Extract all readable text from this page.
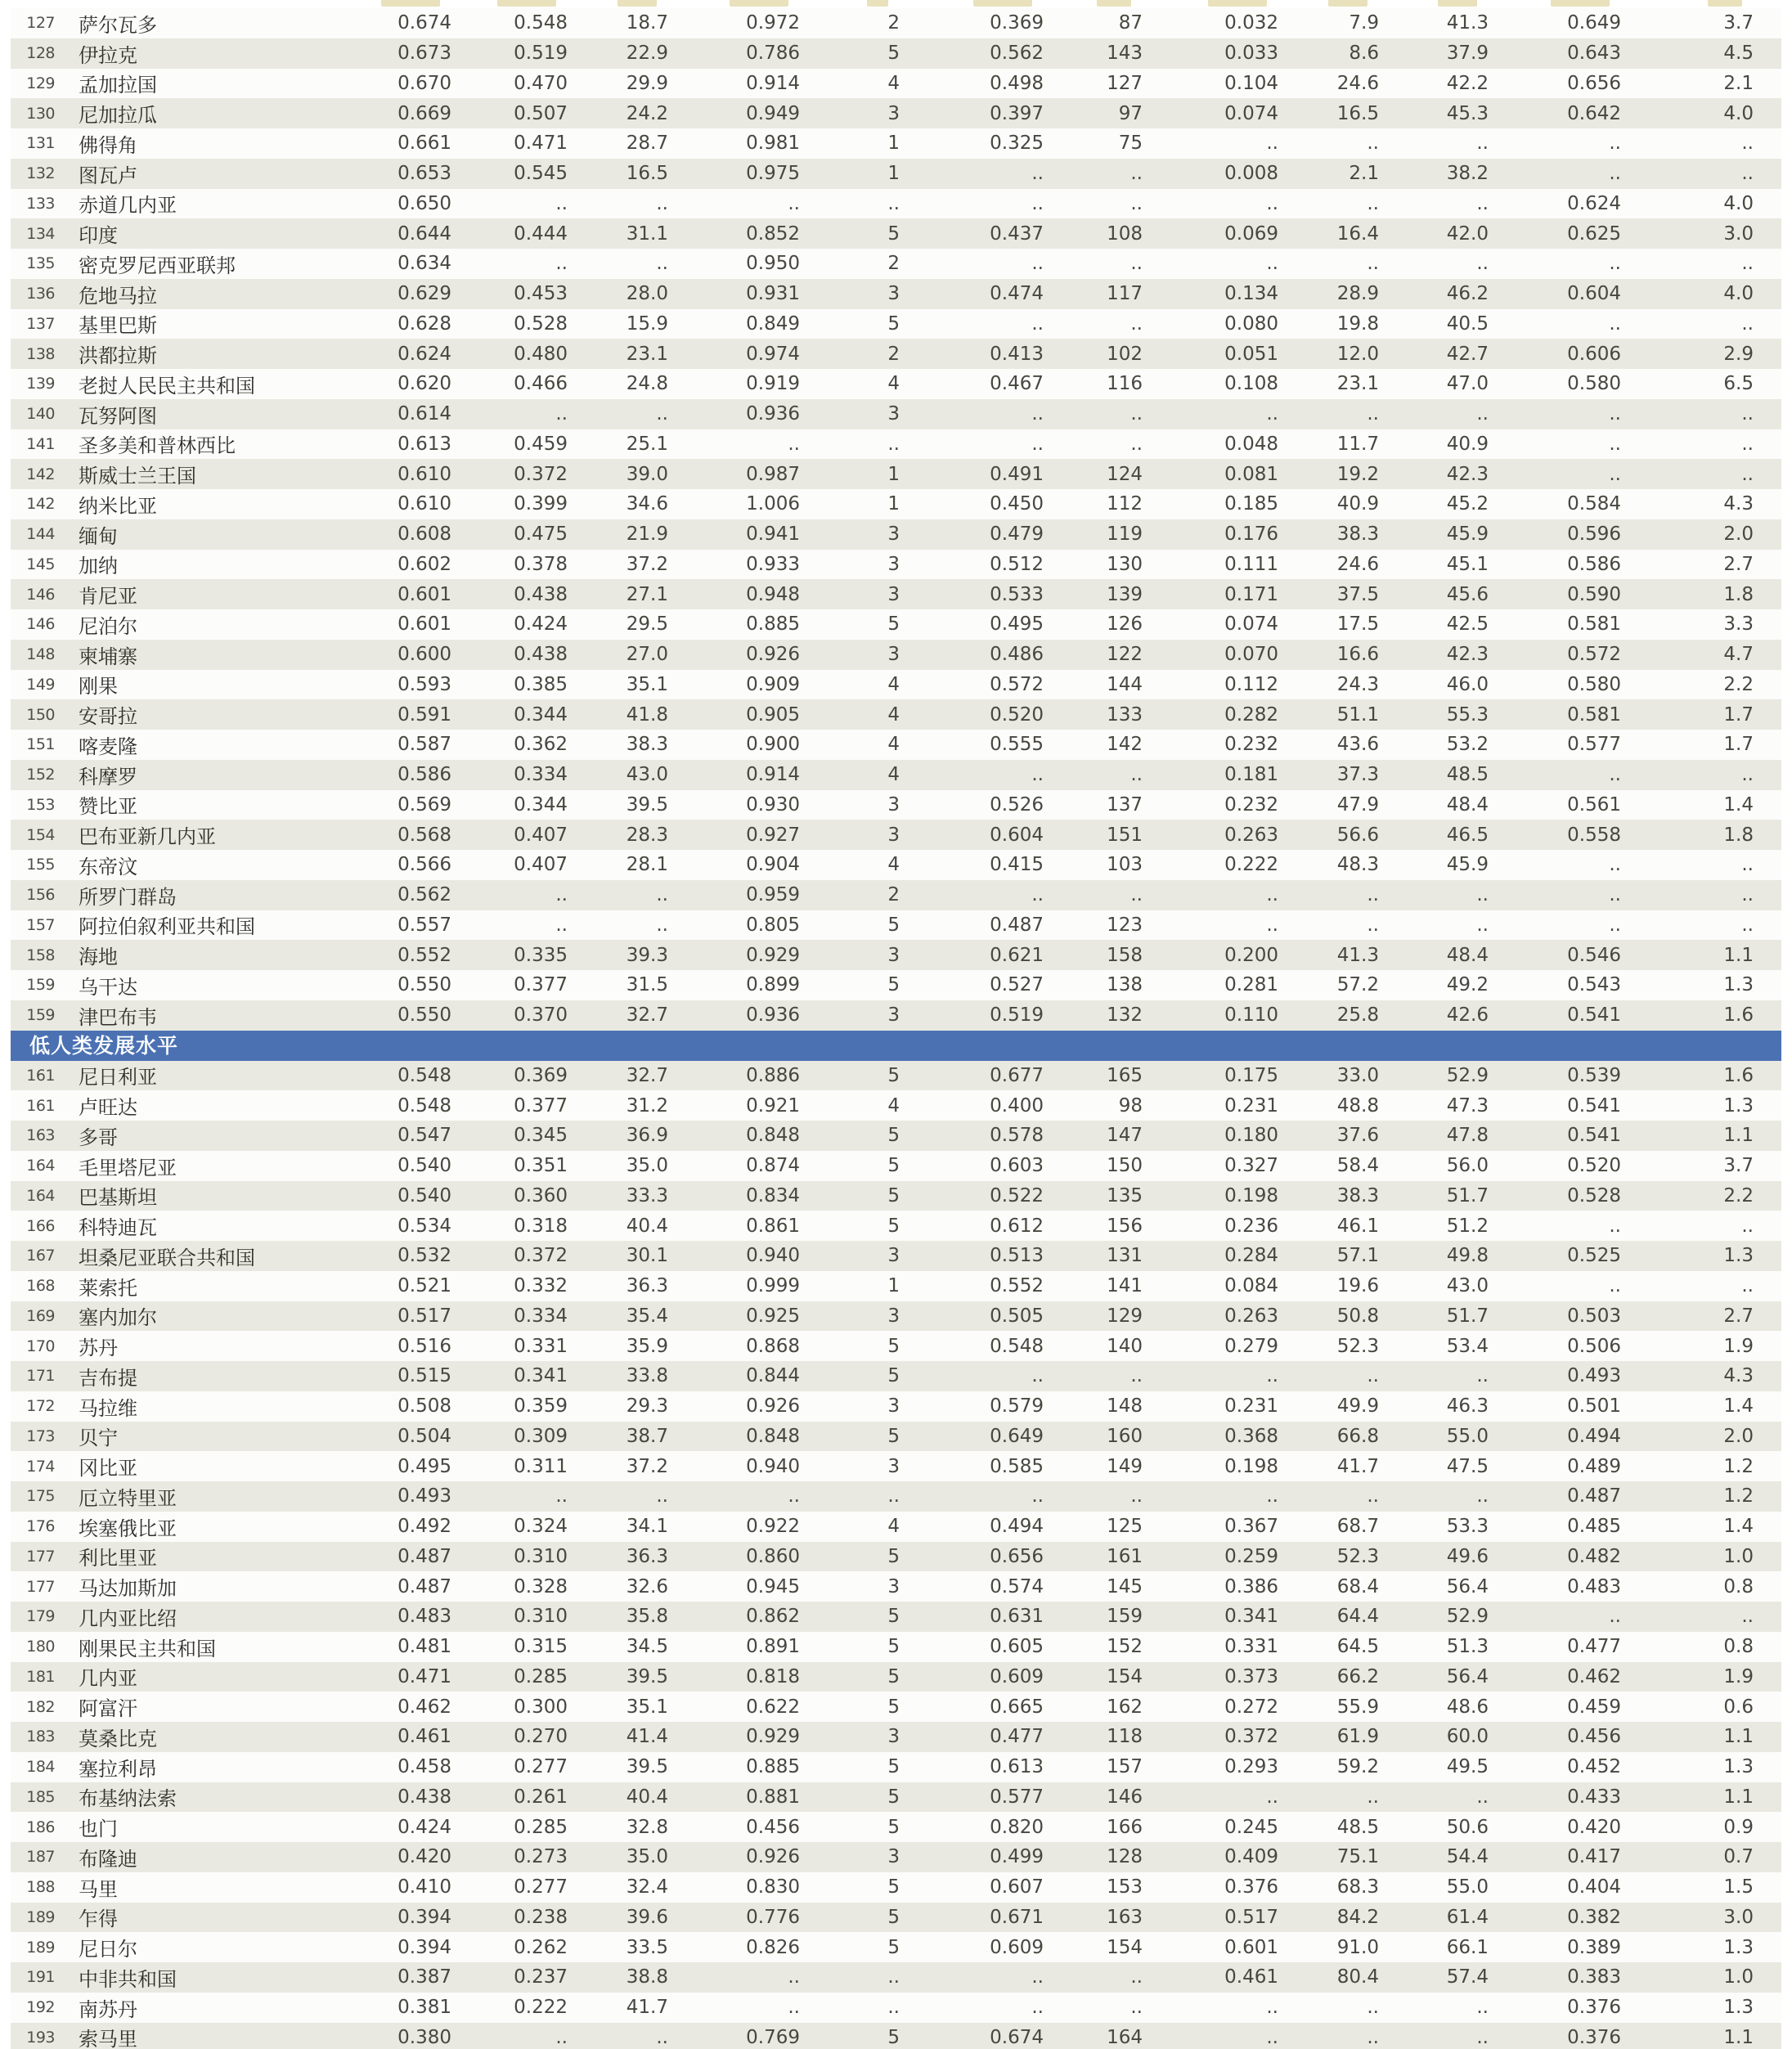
127	萨尔瓦多	0.674	0.548	18.7	0.972	2	0.369	87	0.032	7.9	41.3	0.649	3.7
128	伊拉克	0.673	0.519	22.9	0.786	5	0.562	143	0.033	8.6	37.9	0.643	4.5
129	孟加拉国	0.670	0.470	29.9	0.914	4	0.498	127	0.104	24.6	42.2	0.656	2.1
130	尼加拉瓜	0.669	0.507	24.2	0.949	3	0.397	97	0.074	16.5	45.3	0.642	4.0
131	佛得角	0.661	0.471	28.7	0.981	1	0.325	75	..	..	..	..	..
132	图瓦卢	0.653	0.545	16.5	0.975	1	..	..	0.008	2.1	38.2	..	..
133	赤道几内亚	0.650	..	..	..	..	..	..	..	..	..	0.624	4.0
134	印度	0.644	0.444	31.1	0.852	5	0.437	108	0.069	16.4	42.0	0.625	3.0
135	密克罗尼西亚联邦	0.634	..	..	0.950	2	..	..	..	..	..	..	..
136	危地马拉	0.629	0.453	28.0	0.931	3	0.474	117	0.134	28.9	46.2	0.604	4.0
137	基里巴斯	0.628	0.528	15.9	0.849	5	..	..	0.080	19.8	40.5	..	..
138	洪都拉斯	0.624	0.480	23.1	0.974	2	0.413	102	0.051	12.0	42.7	0.606	2.9
139	老挝人民民主共和国	0.620	0.466	24.8	0.919	4	0.467	116	0.108	23.1	47.0	0.580	6.5
140	瓦努阿图	0.614	..	..	0.936	3	..	..	..	..	..	..	..
141	圣多美和普林西比	0.613	0.459	25.1	..	..	..	..	0.048	11.7	40.9	..	..
142	斯威士兰王国	0.610	0.372	39.0	0.987	1	0.491	124	0.081	19.2	42.3	..	..
142	纳米比亚	0.610	0.399	34.6	1.006	1	0.450	112	0.185	40.9	45.2	0.584	4.3
144	缅甸	0.608	0.475	21.9	0.941	3	0.479	119	0.176	38.3	45.9	0.596	2.0
145	加纳	0.602	0.378	37.2	0.933	3	0.512	130	0.111	24.6	45.1	0.586	2.7
146	肯尼亚	0.601	0.438	27.1	0.948	3	0.533	139	0.171	37.5	45.6	0.590	1.8
146	尼泊尔	0.601	0.424	29.5	0.885	5	0.495	126	0.074	17.5	42.5	0.581	3.3
148	柬埔寨	0.600	0.438	27.0	0.926	3	0.486	122	0.070	16.6	42.3	0.572	4.7
149	刚果	0.593	0.385	35.1	0.909	4	0.572	144	0.112	24.3	46.0	0.580	2.2
150	安哥拉	0.591	0.344	41.8	0.905	4	0.520	133	0.282	51.1	55.3	0.581	1.7
151	喀麦隆	0.587	0.362	38.3	0.900	4	0.555	142	0.232	43.6	53.2	0.577	1.7
152	科摩罗	0.586	0.334	43.0	0.914	4	..	..	0.181	37.3	48.5	..	..
153	赞比亚	0.569	0.344	39.5	0.930	3	0.526	137	0.232	47.9	48.4	0.561	1.4
154	巴布亚新几内亚	0.568	0.407	28.3	0.927	3	0.604	151	0.263	56.6	46.5	0.558	1.8
155	东帝汶	0.566	0.407	28.1	0.904	4	0.415	103	0.222	48.3	45.9	..	..
156	所罗门群岛	0.562	..	..	0.959	2	..	..	..	..	..	..	..
157	阿拉伯叙利亚共和国	0.557	..	..	0.805	5	0.487	123	..	..	..	..	..
158	海地	0.552	0.335	39.3	0.929	3	0.621	158	0.200	41.3	48.4	0.546	1.1
159	乌干达	0.550	0.377	31.5	0.899	5	0.527	138	0.281	57.2	49.2	0.543	1.3
159	津巴布韦	0.550	0.370	32.7	0.936	3	0.519	132	0.110	25.8	42.6	0.541	1.6
低人类发展水平
161	尼日利亚	0.548	0.369	32.7	0.886	5	0.677	165	0.175	33.0	52.9	0.539	1.6
161	卢旺达	0.548	0.377	31.2	0.921	4	0.400	98	0.231	48.8	47.3	0.541	1.3
163	多哥	0.547	0.345	36.9	0.848	5	0.578	147	0.180	37.6	47.8	0.541	1.1
164	毛里塔尼亚	0.540	0.351	35.0	0.874	5	0.603	150	0.327	58.4	56.0	0.520	3.7
164	巴基斯坦	0.540	0.360	33.3	0.834	5	0.522	135	0.198	38.3	51.7	0.528	2.2
166	科特迪瓦	0.534	0.318	40.4	0.861	5	0.612	156	0.236	46.1	51.2	..	..
167	坦桑尼亚联合共和国	0.532	0.372	30.1	0.940	3	0.513	131	0.284	57.1	49.8	0.525	1.3
168	莱索托	0.521	0.332	36.3	0.999	1	0.552	141	0.084	19.6	43.0	..	..
169	塞内加尔	0.517	0.334	35.4	0.925	3	0.505	129	0.263	50.8	51.7	0.503	2.7
170	苏丹	0.516	0.331	35.9	0.868	5	0.548	140	0.279	52.3	53.4	0.506	1.9
171	吉布提	0.515	0.341	33.8	0.844	5	..	..	..	..	..	0.493	4.3
172	马拉维	0.508	0.359	29.3	0.926	3	0.579	148	0.231	49.9	46.3	0.501	1.4
173	贝宁	0.504	0.309	38.7	0.848	5	0.649	160	0.368	66.8	55.0	0.494	2.0
174	冈比亚	0.495	0.311	37.2	0.940	3	0.585	149	0.198	41.7	47.5	0.489	1.2
175	厄立特里亚	0.493	..	..	..	..	..	..	..	..	..	0.487	1.2
176	埃塞俄比亚	0.492	0.324	34.1	0.922	4	0.494	125	0.367	68.7	53.3	0.485	1.4
177	利比里亚	0.487	0.310	36.3	0.860	5	0.656	161	0.259	52.3	49.6	0.482	1.0
177	马达加斯加	0.487	0.328	32.6	0.945	3	0.574	145	0.386	68.4	56.4	0.483	0.8
179	几内亚比绍	0.483	0.310	35.8	0.862	5	0.631	159	0.341	64.4	52.9	..	..
180	刚果民主共和国	0.481	0.315	34.5	0.891	5	0.605	152	0.331	64.5	51.3	0.477	0.8
181	几内亚	0.471	0.285	39.5	0.818	5	0.609	154	0.373	66.2	56.4	0.462	1.9
182	阿富汗	0.462	0.300	35.1	0.622	5	0.665	162	0.272	55.9	48.6	0.459	0.6
183	莫桑比克	0.461	0.270	41.4	0.929	3	0.477	118	0.372	61.9	60.0	0.456	1.1
184	塞拉利昂	0.458	0.277	39.5	0.885	5	0.613	157	0.293	59.2	49.5	0.452	1.3
185	布基纳法索	0.438	0.261	40.4	0.881	5	0.577	146	..	..	..	0.433	1.1
186	也门	0.424	0.285	32.8	0.456	5	0.820	166	0.245	48.5	50.6	0.420	0.9
187	布隆迪	0.420	0.273	35.0	0.926	3	0.499	128	0.409	75.1	54.4	0.417	0.7
188	马里	0.410	0.277	32.4	0.830	5	0.607	153	0.376	68.3	55.0	0.404	1.5
189	乍得	0.394	0.238	39.6	0.776	5	0.671	163	0.517	84.2	61.4	0.382	3.0
189	尼日尔	0.394	0.262	33.5	0.826	5	0.609	154	0.601	91.0	66.1	0.389	1.3
191	中非共和国	0.387	0.237	38.8	..	..	..	..	0.461	80.4	57.4	0.383	1.0
192	南苏丹	0.381	0.222	41.7	..	..	..	..	..	..	..	0.376	1.3
193	索马里	0.380	..	..	0.769	5	0.674	164	..	..	..	0.376	1.1
